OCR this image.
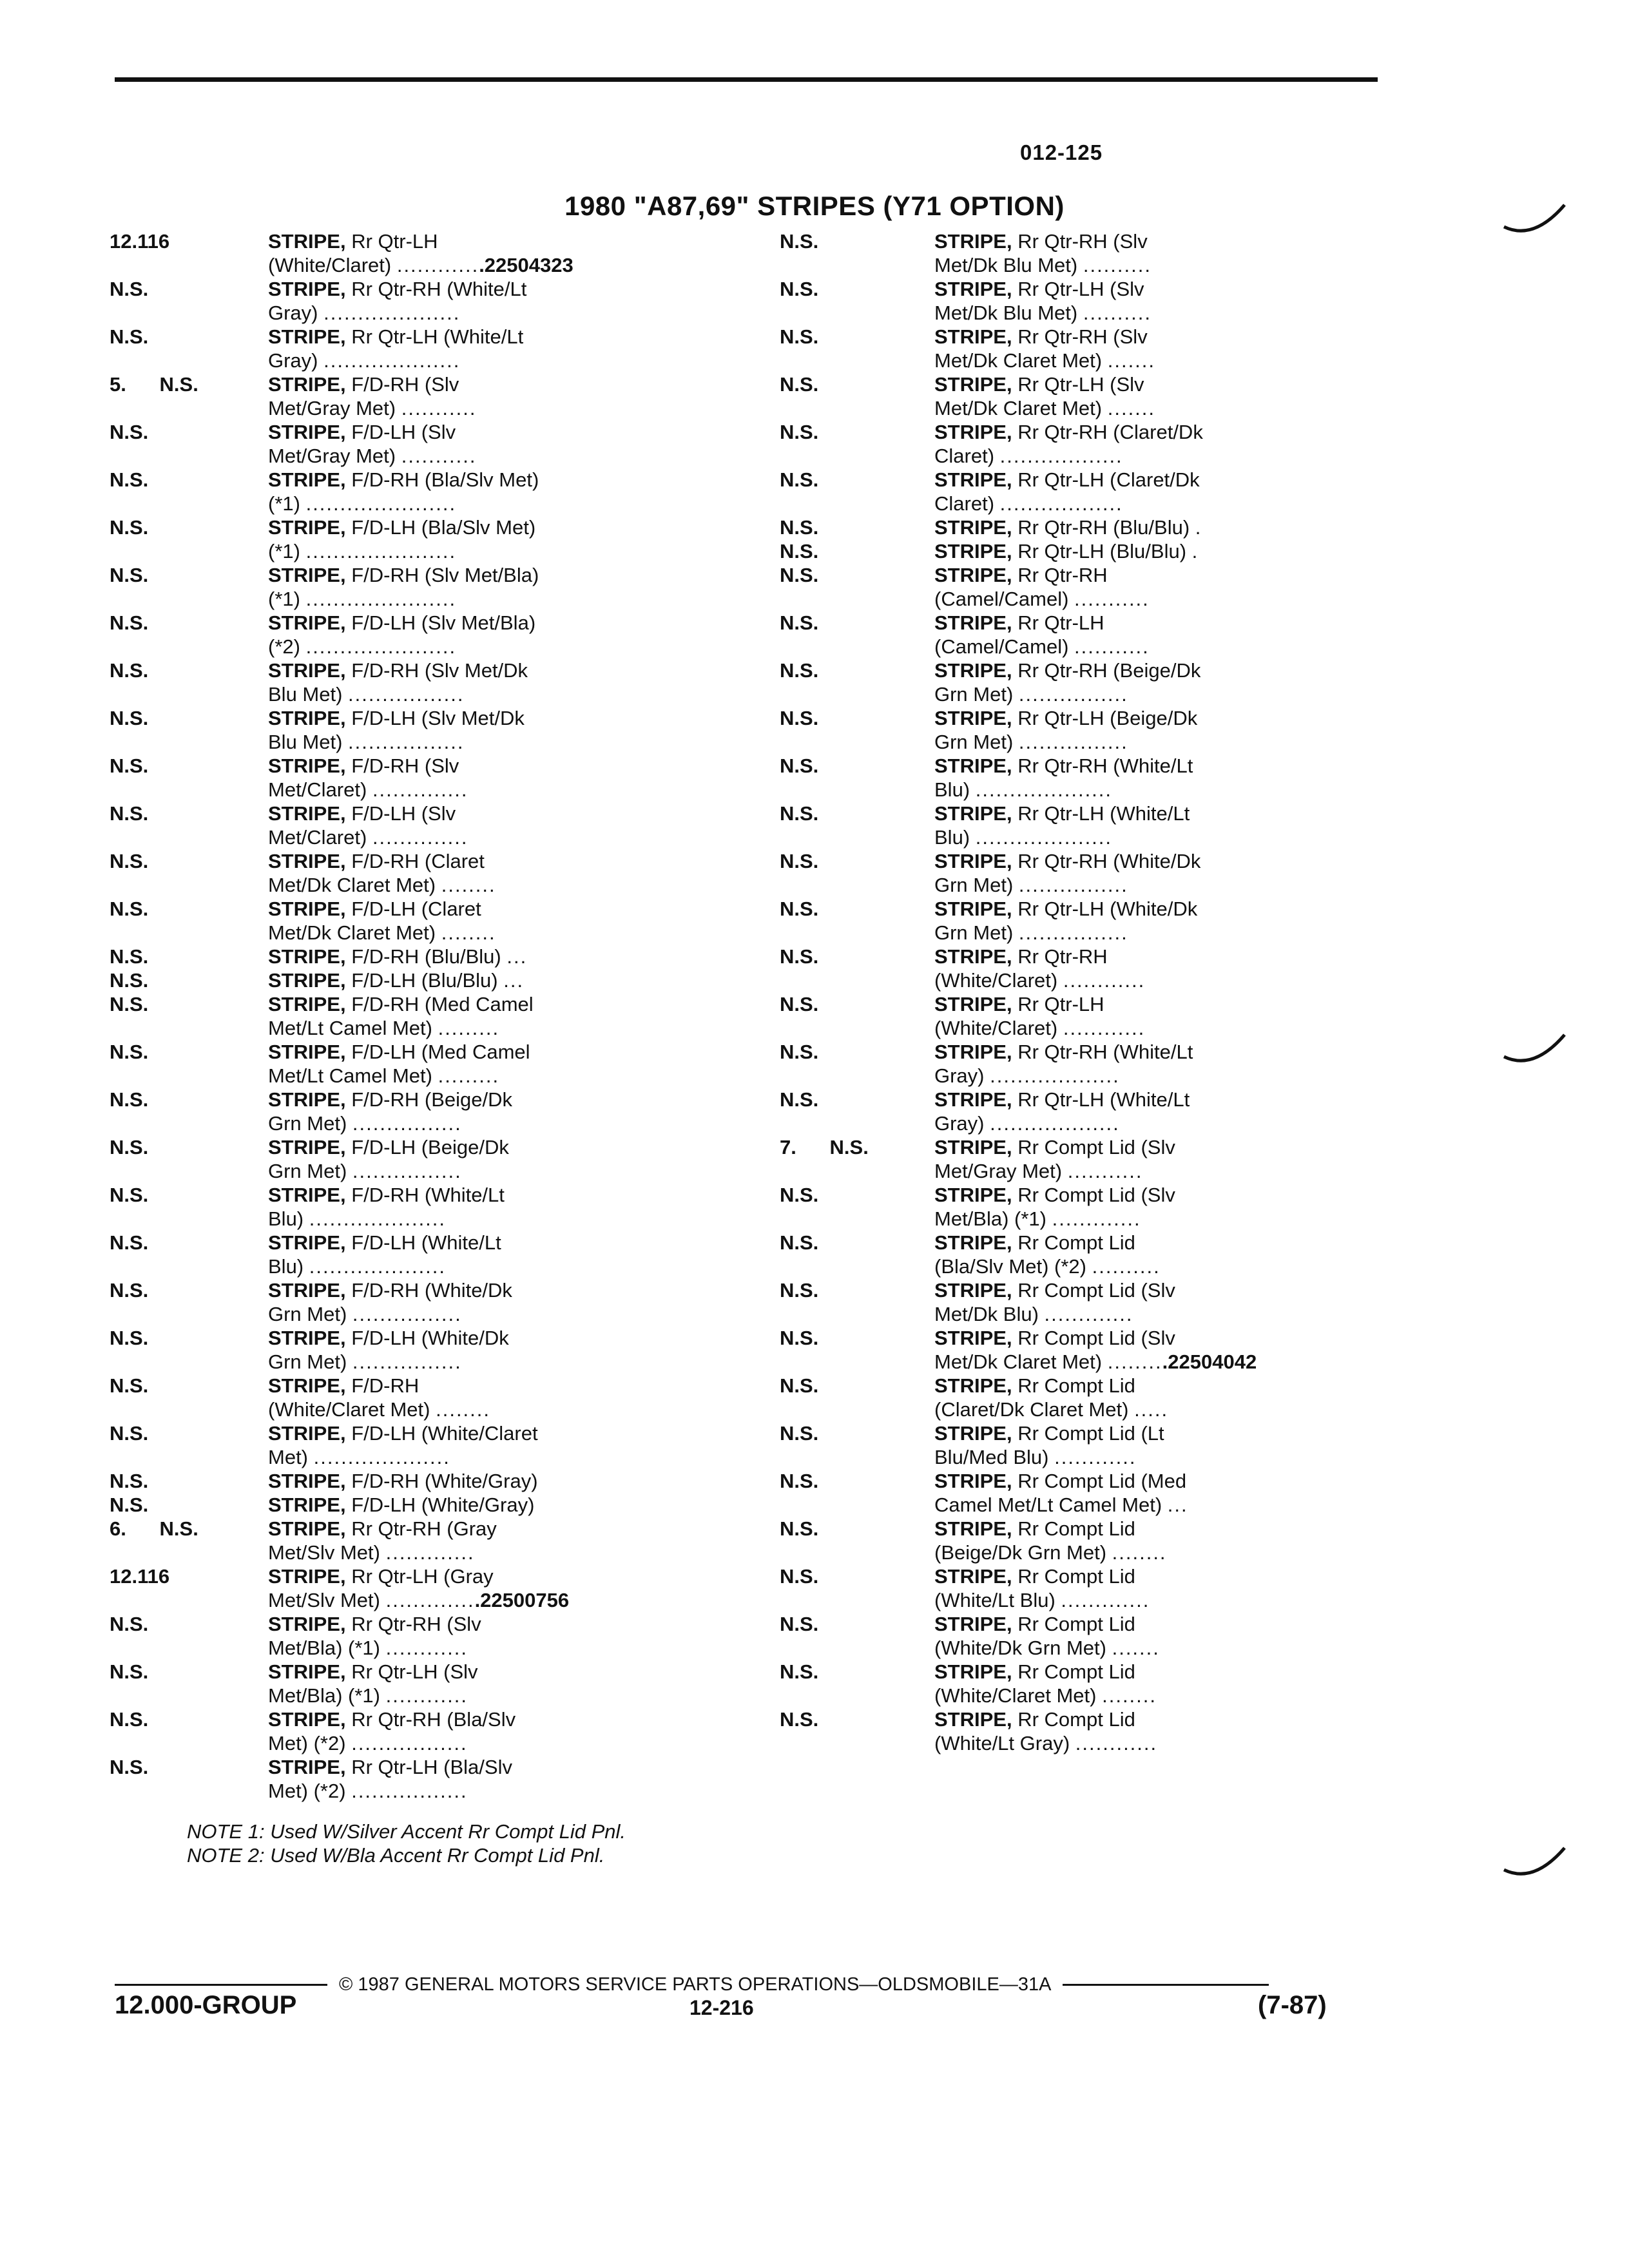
012-125
1980 "A87,69" STRIPES (Y71 OPTION)
12.116	STRIPE, Rr Qtr-LH
(White/Claret) .............22504323
N.S.	STRIPE, Rr Qtr-RH (White/Lt
Gray) ....................
N.S.	STRIPE, Rr Qtr-LH (White/Lt
Gray) ....................
5.      N.S.	STRIPE, F/D-RH (Slv
Met/Gray Met) ...........
N.S.	STRIPE, F/D-LH (Slv
Met/Gray Met) ...........
N.S.	STRIPE, F/D-RH (Bla/Slv Met)
(*1) ......................
N.S.	STRIPE, F/D-LH (Bla/Slv Met)
(*1) ......................
N.S.	STRIPE, F/D-RH (Slv Met/Bla)
(*1) ......................
N.S.	STRIPE, F/D-LH (Slv Met/Bla)
(*2) ......................
N.S.	STRIPE, F/D-RH (Slv Met/Dk
Blu Met) .................
N.S.	STRIPE, F/D-LH (Slv Met/Dk
Blu Met) .................
N.S.	STRIPE, F/D-RH (Slv
Met/Claret) ..............
N.S.	STRIPE, F/D-LH (Slv
Met/Claret) ..............
N.S.	STRIPE, F/D-RH (Claret
Met/Dk Claret Met) ........
N.S.	STRIPE, F/D-LH (Claret
Met/Dk Claret Met) ........
N.S.	STRIPE, F/D-RH (Blu/Blu) ...
N.S.	STRIPE, F/D-LH (Blu/Blu) ...
N.S.	STRIPE, F/D-RH (Med Camel
Met/Lt Camel Met) .........
N.S.	STRIPE, F/D-LH (Med Camel
Met/Lt Camel Met) .........
N.S.	STRIPE, F/D-RH (Beige/Dk
Grn Met) ................
N.S.	STRIPE, F/D-LH (Beige/Dk
Grn Met) ................
N.S.	STRIPE, F/D-RH (White/Lt
Blu) ....................
N.S.	STRIPE, F/D-LH (White/Lt
Blu) ....................
N.S.	STRIPE, F/D-RH (White/Dk
Grn Met) ................
N.S.	STRIPE, F/D-LH (White/Dk
Grn Met) ................
N.S.	STRIPE, F/D-RH
(White/Claret Met) ........
N.S.	STRIPE, F/D-LH (White/Claret
Met) ....................
N.S.	STRIPE, F/D-RH (White/Gray)
N.S.	STRIPE, F/D-LH (White/Gray)
6.      N.S.	STRIPE, Rr Qtr-RH (Gray
Met/Slv Met) .............
12.116	STRIPE, Rr Qtr-LH (Gray
Met/Slv Met) ..............22500756
N.S.	STRIPE, Rr Qtr-RH (Slv
Met/Bla) (*1) ............
N.S.	STRIPE, Rr Qtr-LH (Slv
Met/Bla) (*1) ............
N.S.	STRIPE, Rr Qtr-RH (Bla/Slv
Met) (*2) .................
N.S.	STRIPE, Rr Qtr-LH (Bla/Slv
Met) (*2) .................
N.S.	STRIPE, Rr Qtr-RH (Slv
Met/Dk Blu Met) ..........
N.S.	STRIPE, Rr Qtr-LH (Slv
Met/Dk Blu Met) ..........
N.S.	STRIPE, Rr Qtr-RH (Slv
Met/Dk Claret Met) .......
N.S.	STRIPE, Rr Qtr-LH (Slv
Met/Dk Claret Met) .......
N.S.	STRIPE, Rr Qtr-RH (Claret/Dk
Claret) ..................
N.S.	STRIPE, Rr Qtr-LH (Claret/Dk
Claret) ..................
N.S.	STRIPE, Rr Qtr-RH (Blu/Blu) .
N.S.	STRIPE, Rr Qtr-LH (Blu/Blu) .
N.S.	STRIPE, Rr Qtr-RH
(Camel/Camel) ...........
N.S.	STRIPE, Rr Qtr-LH
(Camel/Camel) ...........
N.S.	STRIPE, Rr Qtr-RH (Beige/Dk
Grn Met) ................
N.S.	STRIPE, Rr Qtr-LH (Beige/Dk
Grn Met) ................
N.S.	STRIPE, Rr Qtr-RH (White/Lt
Blu) ....................
N.S.	STRIPE, Rr Qtr-LH (White/Lt
Blu) ....................
N.S.	STRIPE, Rr Qtr-RH (White/Dk
Grn Met) ................
N.S.	STRIPE, Rr Qtr-LH (White/Dk
Grn Met) ................
N.S.	STRIPE, Rr Qtr-RH
(White/Claret) ............
N.S.	STRIPE, Rr Qtr-LH
(White/Claret) ............
N.S.	STRIPE, Rr Qtr-RH (White/Lt
Gray) ...................
N.S.	STRIPE, Rr Qtr-LH (White/Lt
Gray) ...................
7.      N.S.	STRIPE, Rr Compt Lid (Slv
Met/Gray Met) ...........
N.S.	STRIPE, Rr Compt Lid (Slv
Met/Bla) (*1) .............
N.S.	STRIPE, Rr Compt Lid
(Bla/Slv Met) (*2) ..........
N.S.	STRIPE, Rr Compt Lid (Slv
Met/Dk Blu) .............
N.S.	STRIPE, Rr Compt Lid (Slv
Met/Dk Claret Met) .........22504042
N.S.	STRIPE, Rr Compt Lid
(Claret/Dk Claret Met) .....
N.S.	STRIPE, Rr Compt Lid (Lt
Blu/Med Blu) ............
N.S.	STRIPE, Rr Compt Lid (Med
Camel Met/Lt Camel Met) ...
N.S.	STRIPE, Rr Compt Lid
(Beige/Dk Grn Met) ........
N.S.	STRIPE, Rr Compt Lid
(White/Lt Blu) .............
N.S.	STRIPE, Rr Compt Lid
(White/Dk Grn Met) .......
N.S.	STRIPE, Rr Compt Lid
(White/Claret Met) ........
N.S.	STRIPE, Rr Compt Lid
(White/Lt Gray) ............
NOTE 1: Used W/Silver Accent Rr Compt Lid Pnl.
NOTE 2: Used W/Bla Accent Rr Compt Lid Pnl.
© 1987 GENERAL MOTORS SERVICE PARTS OPERATIONS—OLDSMOBILE—31A
12.000-GROUP	12-216	(7-87)
